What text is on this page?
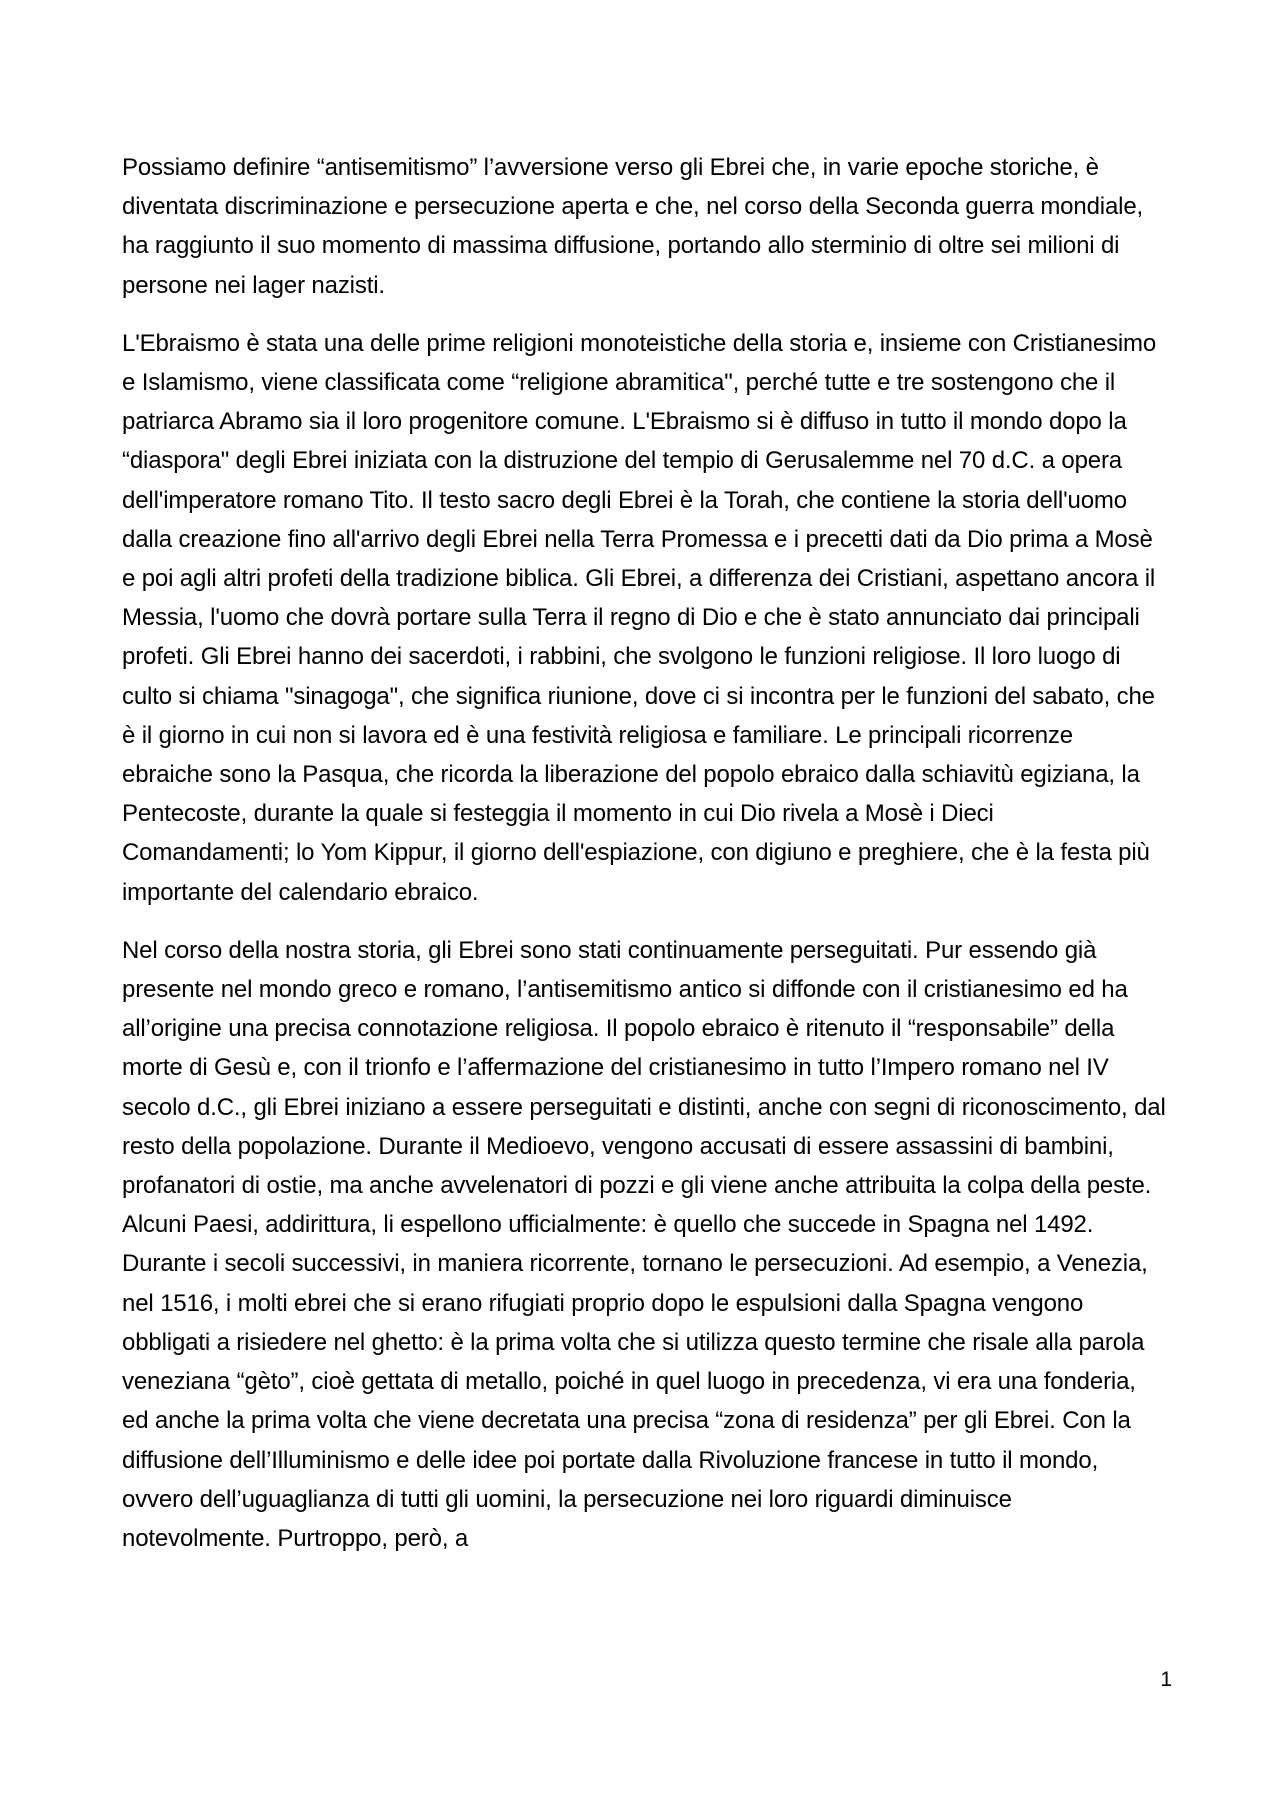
Possiamo definire “antisemitismo” l’avversione verso gli Ebrei che, in varie epoche storiche, è diventata discriminazione e persecuzione aperta e che, nel corso della Seconda guerra mondiale, ha raggiunto il suo momento di massima diffusione, portando allo sterminio di oltre sei milioni di persone nei lager nazisti.

L'Ebraismo è stata una delle prime religioni monoteistiche della storia e, insieme con Cristianesimo e Islamismo, viene classificata come “religione abramitica", perché tutte e tre sostengono che il patriarca Abramo sia il loro progenitore comune. L'Ebraismo si è diffuso in tutto il mondo dopo la “diaspora" degli Ebrei iniziata con la distruzione del tempio di Gerusalemme nel 70 d.C. a opera dell'imperatore romano Tito. Il testo sacro degli Ebrei è la Torah, che contiene la storia dell'uomo dalla creazione fino all'arrivo degli Ebrei nella Terra Promessa e i precetti dati da Dio prima a Mosè e poi agli altri profeti della tradizione biblica. Gli Ebrei, a differenza dei Cristiani, aspettano ancora il Messia, l'uomo che dovrà portare sulla Terra il regno di Dio e che è stato annunciato dai principali profeti. Gli Ebrei hanno dei sacerdoti, i rabbini, che svolgono le funzioni religiose. Il loro luogo di culto si chiama "sinagoga", che significa riunione, dove ci si incontra per le funzioni del sabato, che è il giorno in cui non si lavora ed è una festività religiosa e familiare. Le principali ricorrenze ebraiche sono la Pasqua, che ricorda la liberazione del popolo ebraico dalla schiavitù egiziana, la Pentecoste, durante la quale si festeggia il momento in cui Dio rivela a Mosè i Dieci Comandamenti; lo Yom Kippur, il giorno dell'espiazione, con digiuno e preghiere, che è la festa più importante del calendario ebraico.

Nel corso della nostra storia, gli Ebrei sono stati continuamente perseguitati. Pur essendo già presente nel mondo greco e romano, l’antisemitismo antico si diffonde con il cristianesimo ed ha all’origine una precisa connotazione religiosa. Il popolo ebraico è ritenuto il “responsabile” della morte di Gesù e, con il trionfo e l’affermazione del cristianesimo in tutto l’Impero romano nel IV secolo d.C., gli Ebrei iniziano a essere perseguitati e distinti, anche con segni di riconoscimento, dal resto della popolazione. Durante il Medioevo, vengono accusati di essere assassini di bambini, profanatori di ostie, ma anche avvelenatori di pozzi e gli viene anche attribuita la colpa della peste. Alcuni Paesi, addirittura, li espellono ufficialmente: è quello che succede in Spagna nel 1492. Durante i secoli successivi, in maniera ricorrente, tornano le persecuzioni. Ad esempio, a Venezia, nel 1516, i molti ebrei che si erano rifugiati proprio dopo le espulsioni dalla Spagna vengono obbligati a risiedere nel ghetto: è la prima volta che si utilizza questo termine che risale alla parola veneziana “gèto”, cioè gettata di metallo, poiché in quel luogo in precedenza, vi era una fonderia, ed anche la prima volta che viene decretata una precisa “zona di residenza” per gli Ebrei. Con la diffusione dell’Illuminismo e delle idee poi portate dalla Rivoluzione francese in tutto il mondo, ovvero dell’uguaglianza di tutti gli uomini, la persecuzione nei loro riguardi diminuisce notevolmente. Purtroppo, però, a

1
